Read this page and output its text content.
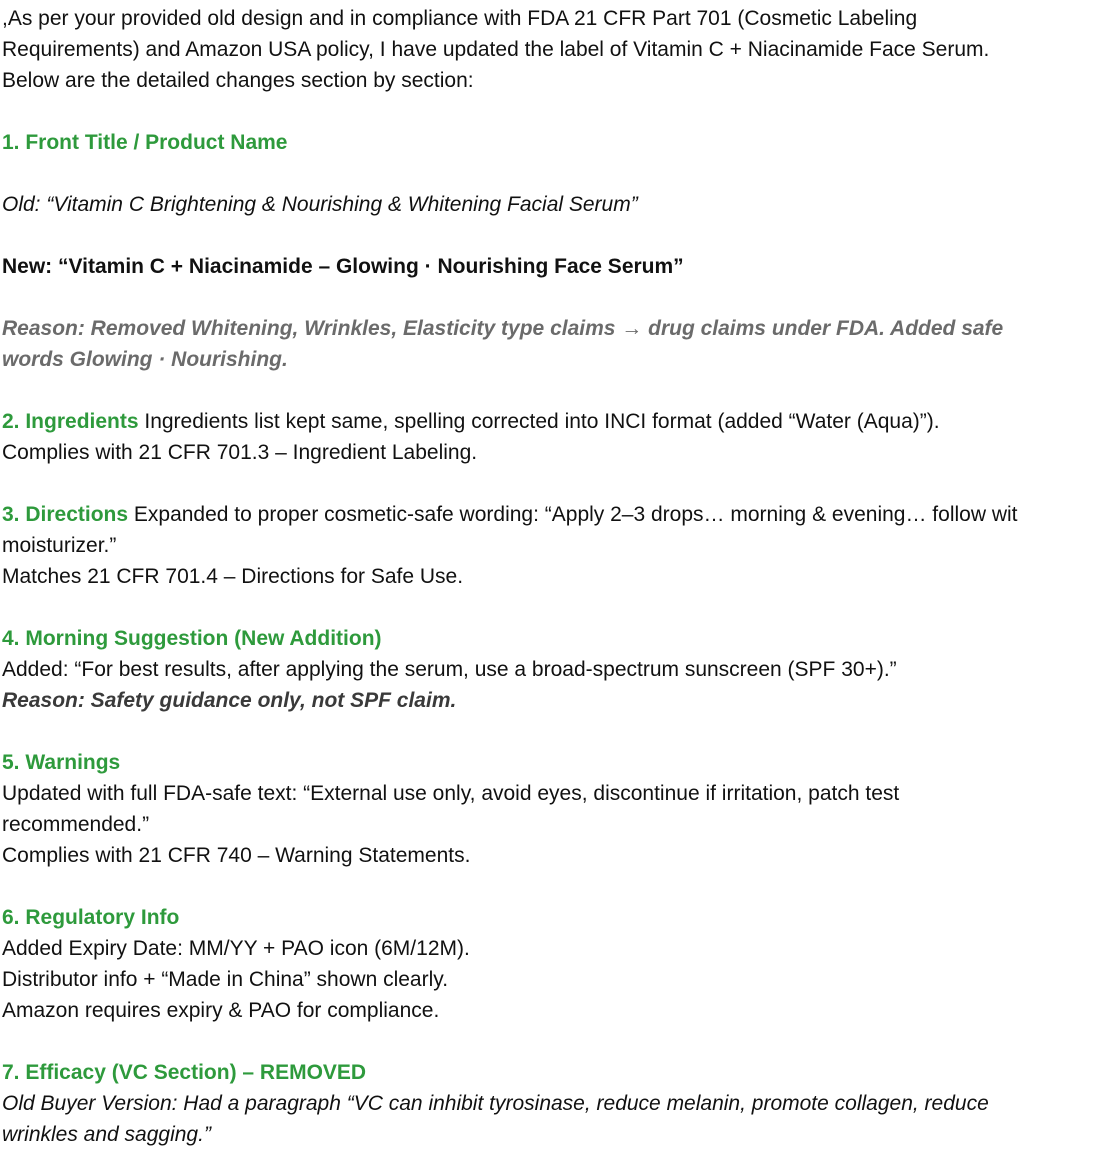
,As per your provided old design and in compliance with FDA 21 CFR Part 701 (Cosmetic Labeling

Requirements) and Amazon USA policy, I have updated the label of Vitamin C + Niacinamide Face Serum.

Below are the detailed changes section by section:

1. Front Title / Product Name

Old: “Vitamin C Brightening & Nourishing & Whitening Facial Serum”

New: “Vitamin C + Niacinamide – Glowing · Nourishing Face Serum”

Reason: Removed Whitening, Wrinkles, Elasticity type claims → drug claims under FDA. Added safe

words Glowing · Nourishing.

2. Ingredients Ingredients list kept same, spelling corrected into INCI format (added “Water (Aqua)”).

Complies with 21 CFR 701.3 – Ingredient Labeling.

3. Directions Expanded to proper cosmetic-safe wording: “Apply 2–3 drops… morning & evening… follow wit

moisturizer.”

Matches 21 CFR 701.4 – Directions for Safe Use.

4. Morning Suggestion (New Addition)

Added: “For best results, after applying the serum, use a broad-spectrum sunscreen (SPF 30+).”

Reason: Safety guidance only, not SPF claim.

5. Warnings

Updated with full FDA-safe text: “External use only, avoid eyes, discontinue if irritation, patch test

recommended.”

Complies with 21 CFR 740 – Warning Statements.

6. Regulatory Info

Added Expiry Date: MM/YY + PAO icon (6M/12M).

Distributor info + “Made in China” shown clearly.

Amazon requires expiry & PAO for compliance.

7. Efficacy (VC Section) – REMOVED

Old Buyer Version: Had a paragraph “VC can inhibit tyrosinase, reduce melanin, promote collagen, reduce

wrinkles and sagging.”
